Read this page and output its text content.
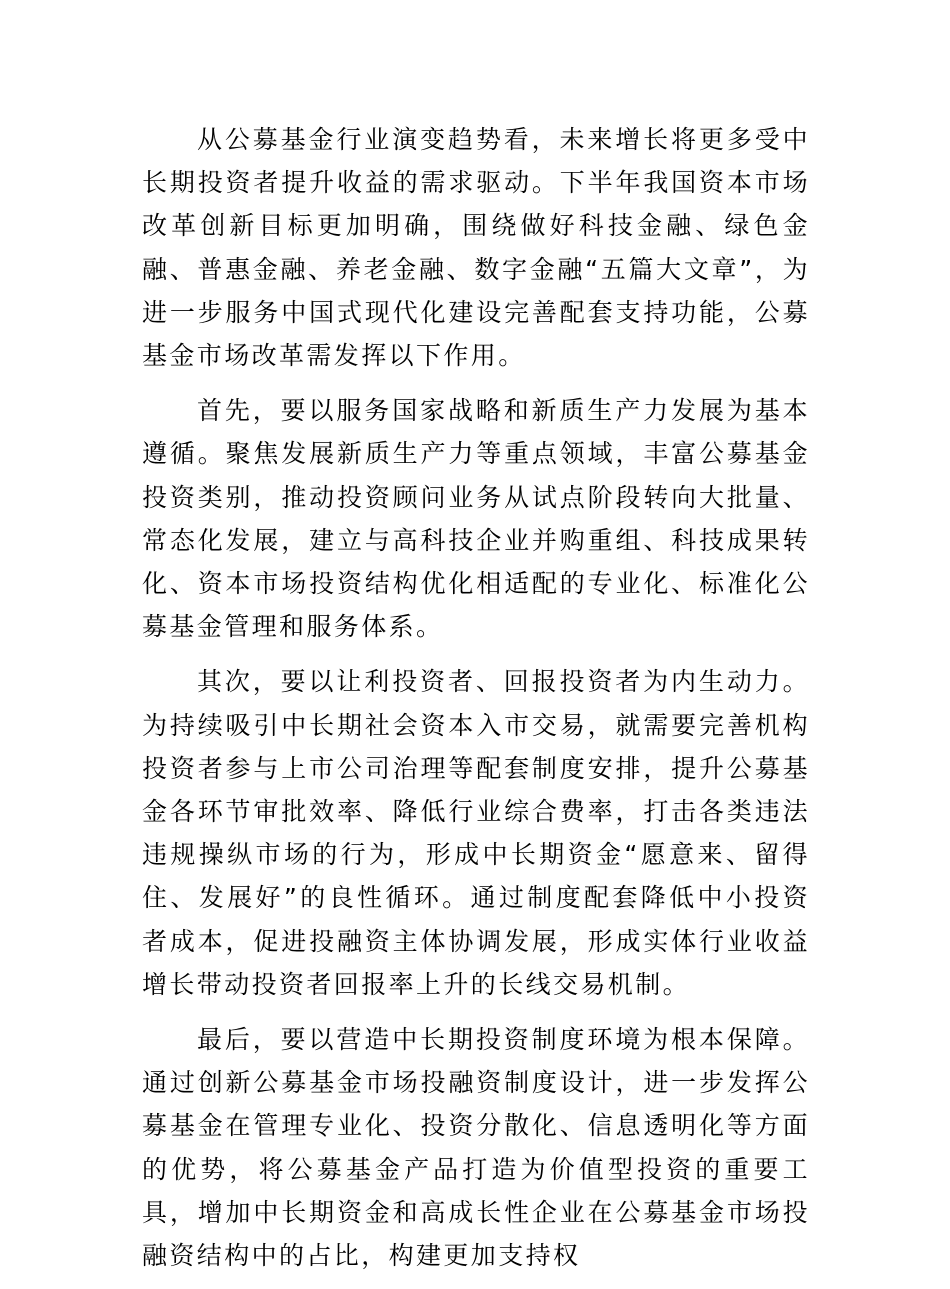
从公募基金行业演变趋势看，未来增长将更多受中长期投资者提升收益的需求驱动。下半年我国资本市场改革创新目标更加明确，围绕做好科技金融、绿色金融、普惠金融、养老金融、数字金融“五篇大文章”，为进一步服务中国式现代化建设完善配套支持功能，公募基金市场改革需发挥以下作用。

首先，要以服务国家战略和新质生产力发展为基本遵循。聚焦发展新质生产力等重点领域，丰富公募基金投资类别，推动投资顾问业务从试点阶段转向大批量、常态化发展，建立与高科技企业并购重组、科技成果转化、资本市场投资结构优化相适配的专业化、标准化公募基金管理和服务体系。

其次，要以让利投资者、回报投资者为内生动力。为持续吸引中长期社会资本入市交易，就需要完善机构投资者参与上市公司治理等配套制度安排，提升公募基金各环节审批效率、降低行业综合费率，打击各类违法违规操纵市场的行为，形成中长期资金“愿意来、留得住、发展好”的良性循环。通过制度配套降低中小投资者成本，促进投融资主体协调发展，形成实体行业收益增长带动投资者回报率上升的长线交易机制。

最后，要以营造中长期投资制度环境为根本保障。通过创新公募基金市场投融资制度设计，进一步发挥公募基金在管理专业化、投资分散化、信息透明化等方面的优势，将公募基金产品打造为价值型投资的重要工具，增加中长期资金和高成长性企业在公募基金市场投融资结构中的占比，构建更加支持权
